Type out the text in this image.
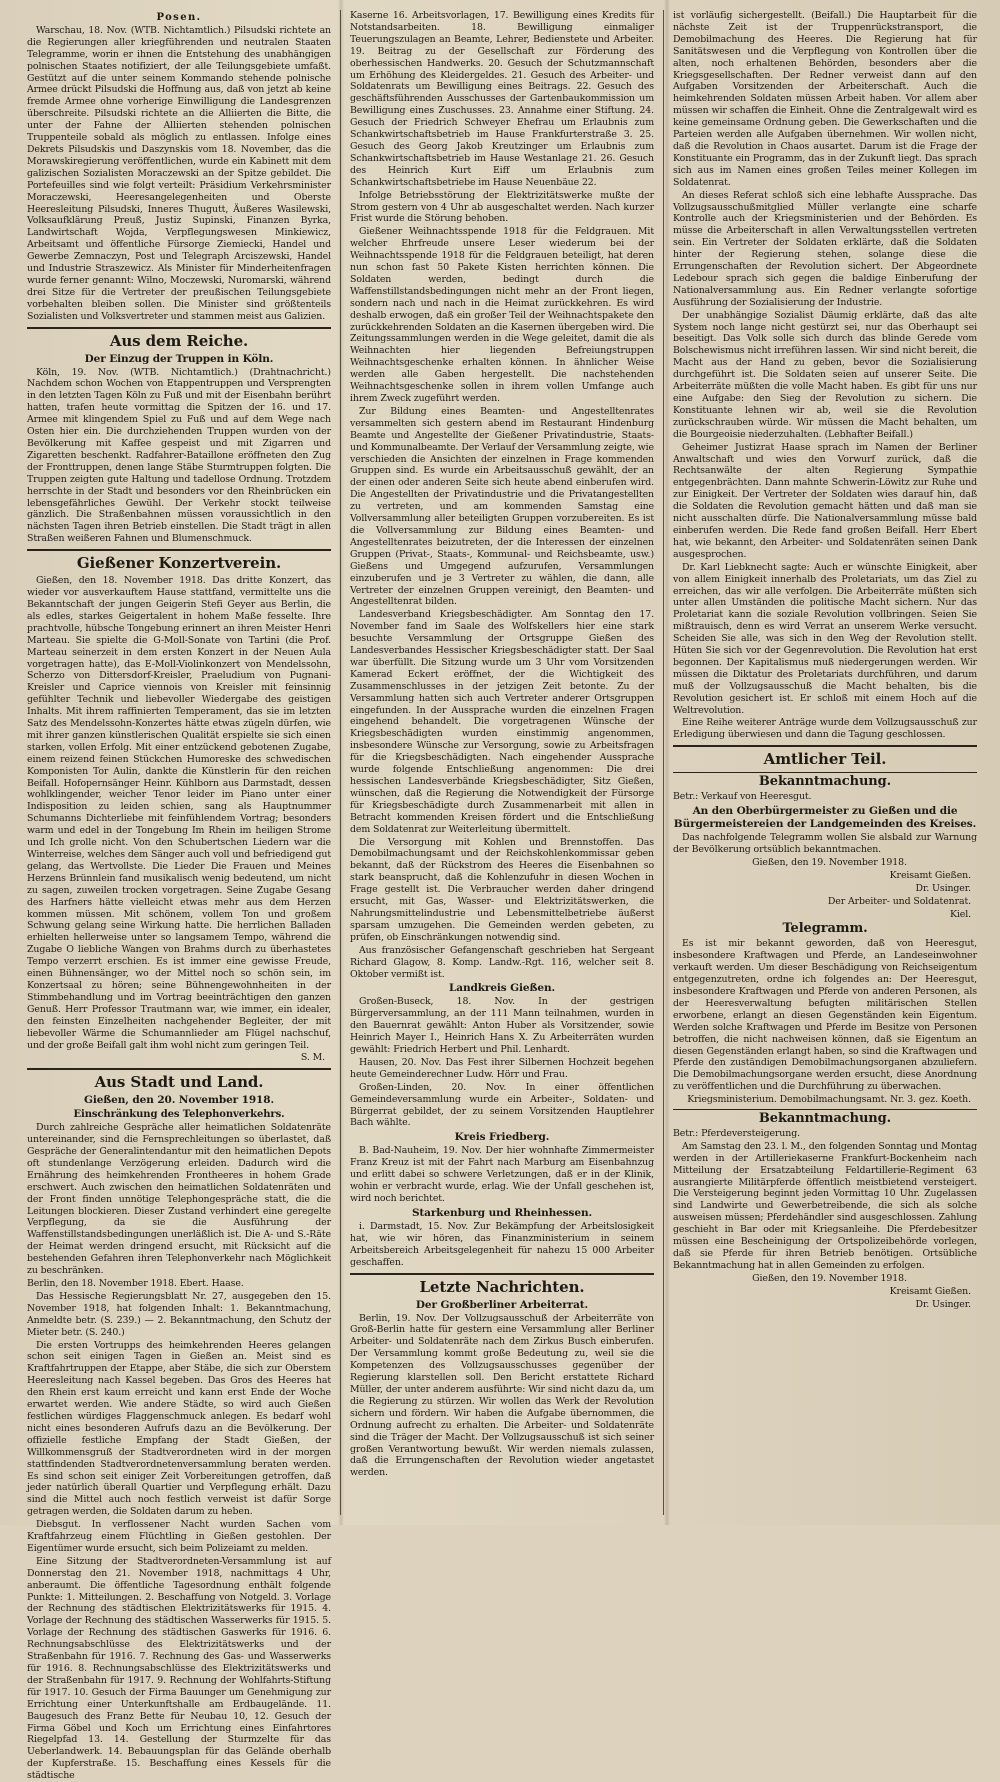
Posen.

Warschau, 18. Nov. (WTB. Nichtamtlich.) Pilsudski richtete an die Regierungen aller kriegführenden und neutralen Staaten Telegramme, worin er ihnen die Entstehung des unabhängigen polnischen Staates notifiziert, der alle Teilungsgebiete umfaßt. Gestützt auf die unter seinem Kommando stehende polnische Armee drückt Pilsudski die Hoffnung aus, daß von jetzt ab keine fremde Armee ohne vorherige Einwilligung die Landesgrenzen überschreite. Pilsudski richtete an die Alliierten die Bitte, die unter der Fahne der Alliierten stehenden polnischen Truppenteile sobald als möglich zu entlassen. Infolge eines Dekrets Pilsudskis und Daszynskis vom 18. November, das die Morawskiregierung veröffentlichen, wurde ein Kabinett mit dem galizischen Sozialisten Moraczewski an der Spitze gebildet. Die Portefeuilles sind wie folgt verteilt: Präsidium Verkehrsminister Moraczewski, Heeresangelegenheiten und Oberste Heeresleitung Pilsudski, Inneres Thugutt, Äußeres Wasilewski, Volksaufklärung Preuß, Justiz Supinski, Finanzen Byrka, Landwirtschaft Wojda, Verpflegungswesen Minkiewicz, Arbeitsamt und öffentliche Fürsorge Ziemiecki, Handel und Gewerbe Zemnaczyn, Post und Telegraph Arciszewski, Handel und Industrie Straszewicz. Als Minister für Minderheitenfragen wurde ferner genannt: Wilno, Moczewski, Nuromarski, während drei Sitze für die Vertreter der preußischen Teilungsgebiete vorbehalten bleiben sollen. Die Minister sind größtenteils Sozialisten und Volksvertreter und stammen meist aus Galizien.

Aus dem Reiche.
Der Einzug der Truppen in Köln.

Köln, 19. Nov. (WTB. Nichtamtlich.) (Drahtnachricht.) Nachdem schon Wochen von Etappentruppen und Versprengten in den letzten Tagen Köln zu Fuß und mit der Eisenbahn berührt hatten, trafen heute vormittag die Spitzen der 16. und 17. Armee mit klingendem Spiel zu Fuß und auf dem Wege nach Osten hier ein. Die durchziehenden Truppen wurden von der Bevölkerung mit Kaffee gespeist und mit Zigarren und Zigaretten beschenkt. Radfahrer-Bataillone eröffneten den Zug der Fronttruppen, denen lange Stäbe Sturmtruppen folgten. Die Truppen zeigten gute Haltung und tadellose Ordnung. Trotzdem herrschte in der Stadt und besonders vor den Rheinbrücken ein lebensgefährliches Gewühl. Der Verkehr stockt teilweise gänzlich. Die Straßenbahnen müssen voraussichtlich in den nächsten Tagen ihren Betrieb einstellen. Die Stadt trägt in allen Straßen weißeren Fahnen und Blumenschmuck.

Gießener Konzertverein.

Gießen, den 18. November 1918. Das dritte Konzert, das wieder vor ausverkauftem Hause stattfand, vermittelte uns die Bekanntschaft der jungen Geigerin Stefi Geyer aus Berlin, die als edles, starkes Geigertalent in hohem Maße fesselte. Ihre prachtvolle, hübsche Tongebung erinnert an ihren Meister Henri Marteau. Sie spielte die G-Moll-Sonate von Tartini (die Prof. Marteau seinerzeit in dem ersten Konzert in der Neuen Aula vorgetragen hatte), das E-Moll-Violinkonzert von Mendelssohn, Scherzo von Dittersdorf-Kreisler, Praeludium von Pugnani-Kreisler und Caprice viennois von Kreisler mit feinsinnig gefühlter Technik und liebevoller Wiedergabe des geistigen Inhalts. Mit ihrem raffinierten Temperament, das sie im letzten Satz des Mendelssohn-Konzertes hätte etwas zügeln dürfen, wie mit ihrer ganzen künstlerischen Qualität erspielte sie sich einen starken, vollen Erfolg. Mit einer entzückend gebotenen Zugabe, einem reizend feinen Stückchen Humoreske des schwedischen Komponisten Tor Aulin, dankte die Künstlerin für den reichen Beifall. Hofopernsänger Heinr. Kühlborn aus Darmstadt, dessen wohlklingender, weicher Tenor leider im Piano unter einer Indisposition zu leiden schien, sang als Hauptnummer Schumanns Dichterliebe mit feinfühlendem Vortrag; besonders warm und edel in der Tongebung Im Rhein im heiligen Strome und Ich grolle nicht. Von den Schubertschen Liedern war die Winterreise, welches dem Sänger auch voll und befriedigend gut gelang, das Wertvollste. Die Lieder Die Frauen und Meines Herzens Brünnlein fand musikalisch wenig bedeutend, um nicht zu sagen, zuweilen trocken vorgetragen. Seine Zugabe Gesang des Harfners hätte vielleicht etwas mehr aus dem Herzen kommen müssen. Mit schönem, vollem Ton und großem Schwung gelang seine Wirkung hatte. Die herrlichen Balladen erhielten hellerweise unter so langsamem Tempo, während die Zugabe O liebliche Wangen von Brahms durch zu überhastetes Tempo verzerrt erschien. Es ist immer eine gewisse Freude, einen Bühnensänger, wo der Mittel noch so schön sein, im Konzertsaal zu hören; seine Bühnengewohnheiten in der Stimmbehandlung und im Vortrag beeinträchtigen den ganzen Genuß. Herr Professor Trautmann war, wie immer, ein idealer, den feinsten Einzelheiten nachgehender Begleiter, der mit liebevoller Wärme die Schumannlieder am Flügel nachschuf, und der große Beifall galt ihm wohl nicht zum geringen Teil.

S. M.

Aus Stadt und Land.
Gießen, den 20. November 1918.
Einschränkung des Telephonverkehrs.

Durch zahlreiche Gespräche aller heimatlichen Soldatenräte untereinander, sind die Fernsprechleitungen so überlastet, daß Gespräche der Generalintendantur mit den heimatlichen Depots oft stundenlange Verzögerung erleiden. Dadurch wird die Ernährung des heimkehrenden Frontheeres in hohem Grade erschwert. Auch zwischen den heimatlichen Soldatenräten und der Front finden unnötige Telephongespräche statt, die die Leitungen blockieren. Dieser Zustand verhindert eine geregelte Verpflegung, da sie die Ausführung der Waffenstillstandsbedingungen unerläßlich ist. Die A- und S.-Räte der Heimat werden dringend ersucht, mit Rücksicht auf die bestehenden Gefahren ihren Telephonverkehr nach Möglichkeit zu beschränken.

Berlin, den 18. November 1918. Ebert. Haase.

Das Hessische Regierungsblatt Nr. 27, ausgegeben den 15. November 1918, hat folgenden Inhalt: 1. Bekanntmachung, Anmeldte betr. (S. 239.) — 2. Bekanntmachung, den Schutz der Mieter betr. (S. 240.)

Die ersten Vortrupps des heimkehrenden Heeres gelangen schon seit einigen Tagen in Gießen an. Meist sind es Kraftfahrtruppen der Etappe, aber Stäbe, die sich zur Oberstem Heeresleitung nach Kassel begeben. Das Gros des Heeres hat den Rhein erst kaum erreicht und kann erst Ende der Woche erwartet werden. Wie andere Städte, so wird auch Gießen festlichen würdiges Flaggenschmuck anlegen. Es bedarf wohl nicht eines besonderen Aufrufs dazu an die Bevölkerung. Der offizielle festliche Empfang der Stadt Gießen, der Willkommensgruß der Stadtverordneten wird in der morgen stattfindenden Stadtverordnetenversammlung beraten werden. Es sind schon seit einiger Zeit Vorbereitungen getroffen, daß jeder natürlich überall Quartier und Verpflegung erhält. Dazu sind die Mittel auch noch festlich verweist ist dafür Sorge getragen werden, die Soldaten darum zu heben.

Diebsgut. In verflossener Nacht wurden Sachen vom Kraftfahrzeug einem Flüchtling in Gießen gestohlen. Der Eigentümer wurde ersucht, sich beim Polizeiamt zu melden.

Eine Sitzung der Stadtverordneten-Versammlung ist auf Donnerstag den 21. November 1918, nachmittags 4 Uhr, anberaumt. Die öffentliche Tagesordnung enthält folgende Punkte: 1. Mitteilungen. 2. Beschaffung von Notgeld. 3. Vorlage der Rechnung des städtischen Elektrizitätswerks für 1915. 4. Vorlage der Rechnung des städtischen Wasserwerks für 1915. 5. Vorlage der Rechnung des städtischen Gaswerks für 1916. 6. Rechnungsabschlüsse des Elektrizitätswerks und der Straßenbahn für 1916. 7. Rechnung des Gas- und Wasserwerks für 1916. 8. Rechnungsabschlüsse des Elektrizitätswerks und der Straßenbahn für 1917. 9. Rechnung der Wohlfahrts-Stiftung für 1917. 10. Gesuch der Firma Bauunger um Genehmigung zur Errichtung einer Unterkunftshalle am Erdbaugelände. 11. Baugesuch des Franz Bette für Neubau 10, 12. Gesuch der Firma Göbel und Koch um Errichtung eines Einfahrtores Riegelpfad 13. 14. Gestellung der Sturmzelte für das Ueberlandwerk. 14. Bebauungsplan für das Gelände oberhalb der Kupferstraße. 15. Beschaffung eines Kessels für die städtische

Kaserne 16. Arbeitsvorlagen, 17. Bewilligung eines Kredits für Notstandsarbeiten. 18. Bewilligung einmaliger Teuerungszulagen an Beamte, Lehrer, Bedienstete und Arbeiter. 19. Beitrag zu der Gesellschaft zur Förderung des oberhessischen Handwerks. 20. Gesuch der Schutzmannschaft um Erhöhung des Kleidergeldes. 21. Gesuch des Arbeiter- und Soldatenrats um Bewilligung eines Beitrags. 22. Gesuch des geschäftsführenden Ausschusses der Gartenbaukommission um Bewilligung eines Zuschusses. 23. Annahme einer Stiftung. 24. Gesuch der Friedrich Schweyer Ehefrau um Erlaubnis zum Schankwirtschaftsbetrieb im Hause Frankfurterstraße 3. 25. Gesuch des Georg Jakob Kreutzinger um Erlaubnis zum Schankwirtschaftsbetrieb im Hause Westanlage 21. 26. Gesuch des Heinrich Kurt Eiff um Erlaubnis zum Schankwirtschaftsbetriebe im Hause Neuenbäue 22.

Infolge Betriebsstörung der Elektrizitätswerke mußte der Strom gestern von 4 Uhr ab ausgeschaltet werden. Nach kurzer Frist wurde die Störung behoben.

Gießener Weihnachtsspende 1918 für die Feldgrauen. Mit welcher Ehrfreude unsere Leser wiederum bei der Weihnachtsspende 1918 für die Feldgrauen beteiligt, hat deren nun schon fast 50 Pakete Kisten herrichten können. Die Soldaten werden, bedingt durch die Waffenstillstandsbedingungen nicht mehr an der Front liegen, sondern nach und nach in die Heimat zurückkehren. Es wird deshalb erwogen, daß ein großer Teil der Weihnachtspakete den zurückkehrenden Soldaten an die Kasernen übergeben wird. Die Zeitungssammlungen werden in die Wege geleitet, damit die als Weihnachten hier liegenden Befreiungstruppen Weihnachtsgeschenke erhalten können. In ähnlicher Weise werden alle Gaben hergestellt. Die nachstehenden Weihnachtsgeschenke sollen in ihrem vollen Umfange auch ihrem Zweck zugeführt werden.

Zur Bildung eines Beamten- und Angestelltenrates versammelten sich gestern abend im Restaurant Hindenburg Beamte und Angestellte der Gießener Privatindustrie, Staats- und Kommunalbeamte. Der Verlauf der Versammlung zeigte, wie verschieden die Ansichten der einzelnen in Frage kommenden Gruppen sind. Es wurde ein Arbeitsausschuß gewählt, der an der einen oder anderen Seite sich heute abend einberufen wird. Die Angestellten der Privatindustrie und die Privatangestellten zu vertreten, und am kommenden Samstag eine Vollversammlung aller beteiligten Gruppen vorzubereiten. Es ist die Vollversammlung zur Bildung eines Beamten- und Angestelltenrates beizutreten, der die Interessen der einzelnen Gruppen (Privat-, Staats-, Kommunal- und Reichsbeamte, usw.) Gießens und Umgegend aufzurufen, Versammlungen einzuberufen und je 3 Vertreter zu wählen, die dann, alle Vertreter der einzelnen Gruppen vereinigt, den Beamten- und Angestelltenrat bilden.

Landesverband Kriegsbeschädigter. Am Sonntag den 17. November fand im Saale des Wolfskellers hier eine stark besuchte Versammlung der Ortsgruppe Gießen des Landesverbandes Hessischer Kriegsbeschädigter statt. Der Saal war überfüllt. Die Sitzung wurde um 3 Uhr vom Vorsitzenden Kamerad Eckert eröffnet, der die Wichtigkeit des Zusammenschlusses in der jetzigen Zeit betonte. Zu der Versammlung hatten sich auch Vertreter anderer Ortsgruppen eingefunden. In der Aussprache wurden die einzelnen Fragen eingehend behandelt. Die vorgetragenen Wünsche der Kriegsbeschädigten wurden einstimmig angenommen, insbesondere Wünsche zur Versorgung, sowie zu Arbeitsfragen für die Kriegsbeschädigten. Nach eingehender Aussprache wurde folgende Entschließung angenommen: Die drei hessischen Landesverbände Kriegsbeschädigter, Sitz Gießen, wünschen, daß die Regierung die Notwendigkeit der Fürsorge für Kriegsbeschädigte durch Zusammenarbeit mit allen in Betracht kommenden Kreisen fördert und die Entschließung dem Soldatenrat zur Weiterleitung übermittelt.

Die Versorgung mit Kohlen und Brennstoffen. Das Demobilmachungsamt und der Reichskohlenkommissar geben bekannt, daß der Rückstrom des Heeres die Eisenbahnen so stark beansprucht, daß die Kohlenzufuhr in diesen Wochen in Frage gestellt ist. Die Verbraucher werden daher dringend ersucht, mit Gas, Wasser- und Elektrizitätswerken, die Nahrungsmittelindustrie und Lebensmittelbetriebe äußerst sparsam umzugehen. Die Gemeinden werden gebeten, zu prüfen, ob Einschränkungen notwendig sind.

Aus französischer Gefangenschaft geschrieben hat Sergeant Richard Glagow, 8. Komp. Landw.-Rgt. 116, welcher seit 8. Oktober vermißt ist.

Landkreis Gießen.

Großen-Buseck, 18. Nov. In der gestrigen Bürgerversammlung, an der 111 Mann teilnahmen, wurden in den Bauernrat gewählt: Anton Huber als Vorsitzender, sowie Heinrich Mayer I., Heinrich Hans X. Zu Arbeiterräten wurden gewählt: Friedrich Herbert und Phil. Lenhardt.

Hausen, 20. Nov. Das Fest ihrer Silbernen Hochzeit begehen heute Gemeinderechner Ludw. Hörr und Frau.

Großen-Linden, 20. Nov. In einer öffentlichen Gemeindeversammlung wurde ein Arbeiter-, Soldaten- und Bürgerrat gebildet, der zu seinem Vorsitzenden Hauptlehrer Bach wählte.

Kreis Friedberg.

B. Bad-Nauheim, 19. Nov. Der hier wohnhafte Zimmermeister Franz Kreuz ist mit der Fahrt nach Marburg am Eisenbahnzug und erlitt dabei so schwere Verletzungen, daß er in der Klinik, wohin er verbracht wurde, erlag. Wie der Unfall geschehen ist, wird noch berichtet.

Starkenburg und Rheinhessen.

i. Darmstadt, 15. Nov. Zur Bekämpfung der Arbeitslosigkeit hat, wie wir hören, das Finanzministerium in seinem Arbeitsbereich Arbeitsgelegenheit für nahezu 15 000 Arbeiter geschaffen.

Letzte Nachrichten.
Der Großberliner Arbeiterrat.

Berlin, 19. Nov. Der Vollzugsausschuß der Arbeiterräte von Groß-Berlin hatte für gestern eine Versammlung aller Berliner Arbeiter- und Soldatenräte nach dem Zirkus Busch einberufen. Der Versammlung kommt große Bedeutung zu, weil sie die Kompetenzen des Vollzugsausschusses gegenüber der Regierung klarstellen soll. Den Bericht erstattete Richard Müller, der unter anderem ausführte: Wir sind nicht dazu da, um die Regierung zu stürzen. Wir wollen das Werk der Revolution sichern und fördern. Wir haben die Aufgabe übernommen, die Ordnung aufrecht zu erhalten. Die Arbeiter- und Soldatenräte sind die Träger der Macht. Der Vollzugsausschuß ist sich seiner großen Verantwortung bewußt. Wir werden niemals zulassen, daß die Errungenschaften der Revolution wieder angetastet werden.

ist vorläufig sichergestellt. (Beifall.) Die Hauptarbeit für die nächste Zeit ist der Truppenrückstransport, die Demobilmachung des Heeres. Die Regierung hat für Sanitätswesen und die Verpflegung von Kontrollen über die alten, noch erhaltenen Behörden, besonders aber die Kriegsgesellschaften. Der Redner verweist dann auf den Aufgaben Vorsitzenden der Arbeiterschaft. Auch die heimkehrenden Soldaten müssen Arbeit haben. Vor allem aber müssen wir schaffen die Einheit. Ohne die Zentralgewalt wird es keine gemeinsame Ordnung geben. Die Gewerkschaften und die Parteien werden alle Aufgaben übernehmen. Wir wollen nicht, daß die Revolution in Chaos ausartet. Darum ist die Frage der Konstituante ein Programm, das in der Zukunft liegt. Das sprach sich aus im Namen eines großen Teiles meiner Kollegen im Soldatenrat.

An dieses Referat schloß sich eine lebhafte Aussprache. Das Vollzugsausschußmitglied Müller verlangte eine scharfe Kontrolle auch der Kriegsministerien und der Behörden. Es müsse die Arbeiterschaft in allen Verwaltungsstellen vertreten sein. Ein Vertreter der Soldaten erklärte, daß die Soldaten hinter der Regierung stehen, solange diese die Errungenschaften der Revolution sichert. Der Abgeordnete Ledebour sprach sich gegen die baldige Einberufung der Nationalversammlung aus. Ein Redner verlangte sofortige Ausführung der Sozialisierung der Industrie.

Der unabhängige Sozialist Däumig erklärte, daß das alte System noch lange nicht gestürzt sei, nur das Oberhaupt sei beseitigt. Das Volk solle sich durch das blinde Gerede vom Bolschewismus nicht irreführen lassen. Wir sind nicht bereit, die Macht aus der Hand zu geben, bevor die Sozialisierung durchgeführt ist. Die Soldaten seien auf unserer Seite. Die Arbeiterräte müßten die volle Macht haben. Es gibt für uns nur eine Aufgabe: den Sieg der Revolution zu sichern. Die Konstituante lehnen wir ab, weil sie die Revolution zurückschrauben würde. Wir müssen die Macht behalten, um die Bourgeoisie niederzuhalten. (Lebhafter Beifall.)

Geheimer Justizrat Haase sprach im Namen der Berliner Anwaltschaft und wies den Vorwurf zurück, daß die Rechtsanwälte der alten Regierung Sympathie entgegenbrächten. Dann mahnte Schwerin-Löwitz zur Ruhe und zur Einigkeit. Der Vertreter der Soldaten wies darauf hin, daß die Soldaten die Revolution gemacht hätten und daß man sie nicht ausschalten dürfe. Die Nationalversammlung müsse bald einberufen werden. Die Rede fand großen Beifall. Herr Ebert hat, wie bekannt, den Arbeiter- und Soldatenräten seinen Dank ausgesprochen.

Dr. Karl Liebknecht sagte: Auch er wünschte Einigkeit, aber von allem Einigkeit innerhalb des Proletariats, um das Ziel zu erreichen, das wir alle verfolgen. Die Arbeiterräte müßten sich unter allen Umständen die politische Macht sichern. Nur das Proletariat kann die soziale Revolution vollbringen. Seien Sie mißtrauisch, denn es wird Verrat an unserem Werke versucht. Scheiden Sie alle, was sich in den Weg der Revolution stellt. Hüten Sie sich vor der Gegenrevolution. Die Revolution hat erst begonnen. Der Kapitalismus muß niedergerungen werden. Wir müssen die Diktatur des Proletariats durchführen, und darum muß der Vollzugsausschuß die Macht behalten, bis die Revolution gesichert ist. Er schloß mit einem Hoch auf die Weltrevolution.

Eine Reihe weiterer Anträge wurde dem Vollzugsausschuß zur Erledigung überwiesen und dann die Tagung geschlossen.

Amtlicher Teil.
Bekanntmachung.

Betr.: Verkauf von Heeresgut.

An den Oberbürgermeister zu Gießen und die Bürgermeistereien der Landgemeinden des Kreises.

Das nachfolgende Telegramm wollen Sie alsbald zur Warnung der Bevölkerung ortsüblich bekanntmachen.

Gießen, den 19. November 1918.

Kreisamt Gießen.

Dr. Usinger.

Der Arbeiter- und Soldatenrat.

Kiel.

Telegramm.

Es ist mir bekannt geworden, daß von Heeresgut, insbesondere Kraftwagen und Pferde, an Landeseinwohner verkauft werden. Um dieser Beschädigung von Reichseigentum entgegenzutreten, ordne ich folgendes an: Der Heeresgut, insbesondere Kraftwagen und Pferde von anderen Personen, als der Heeresverwaltung befugten militärischen Stellen erworbene, erlangt an diesen Gegenständen kein Eigentum. Werden solche Kraftwagen und Pferde im Besitze von Personen betroffen, die nicht nachweisen können, daß sie Eigentum an diesen Gegenständen erlangt haben, so sind die Kraftwagen und Pferde den zuständigen Demobilmachungsorganen abzuliefern. Die Demobilmachungsorgane werden ersucht, diese Anordnung zu veröffentlichen und die Durchführung zu überwachen.

Kriegsministerium. Demobilmachungsamt. Nr. 3. gez. Koeth.

Bekanntmachung.

Betr.: Pferdeversteigerung.

Am Samstag den 23. l. M., den folgenden Sonntag und Montag werden in der Artilleriekaserne Frankfurt-Bockenheim nach Mitteilung der Ersatzabteilung Feldartillerie-Regiment 63 ausrangierte Militärpferde öffentlich meistbietend versteigert. Die Versteigerung beginnt jeden Vormittag 10 Uhr. Zugelassen sind Landwirte und Gewerbetreibende, die sich als solche ausweisen müssen; Pferdehändler sind ausgeschlossen. Zahlung geschieht in Bar oder mit Kriegsanleihe. Die Pferdebesitzer müssen eine Bescheinigung der Ortspolizeibehörde vorlegen, daß sie Pferde für ihren Betrieb benötigen. Ortsübliche Bekanntmachung hat in allen Gemeinden zu erfolgen.

Gießen, den 19. November 1918.

Kreisamt Gießen.

Dr. Usinger.
